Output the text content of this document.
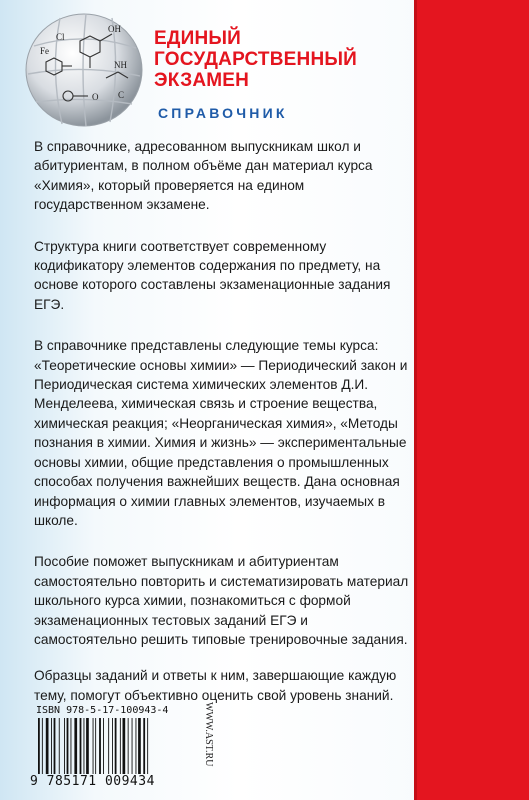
OH
Fe
NH
O
Cl
C
ЕДИНЫЙ
ГОСУДАРСТВЕННЫЙ
ЭКЗАМЕН
СПРАВОЧНИК

В справочнике, адресованном выпускникам школ и абитуриентам, в полном объёме дан материал курса «Химия», который проверяется на едином государственном экзамене.

Структура книги соответствует современному кодификатору элементов содержания по предмету, на основе которого составлены экзаменационные задания ЕГЭ.

В справочнике представлены следующие темы курса: «Теоретические основы химии» — Периодический закон и Периодическая система химических элементов Д.И. Менделеева, химическая связь и строение вещества, химическая реакция; «Неорганическая химия», «Методы познания в химии. Химия и жизнь» — экспериментальные основы химии, общие представления о промышленных способах получения важнейших веществ. Дана основная информация о химии главных элементов, изучаемых в школе.

Пособие поможет выпускникам и абитуриентам самостоятельно повторить и систематизировать материал школьного курса химии, познакомиться с формой экзаменационных тестовых заданий ЕГЭ и самостоятельно решить типовые тренировочные задания.

Образцы заданий и ответы к ним, завершающие каждую тему, помогут объективно оценить свой уровень знаний.

ISBN 978-5-17-100943-4
9 785171 009434
WWW.AST.RU
